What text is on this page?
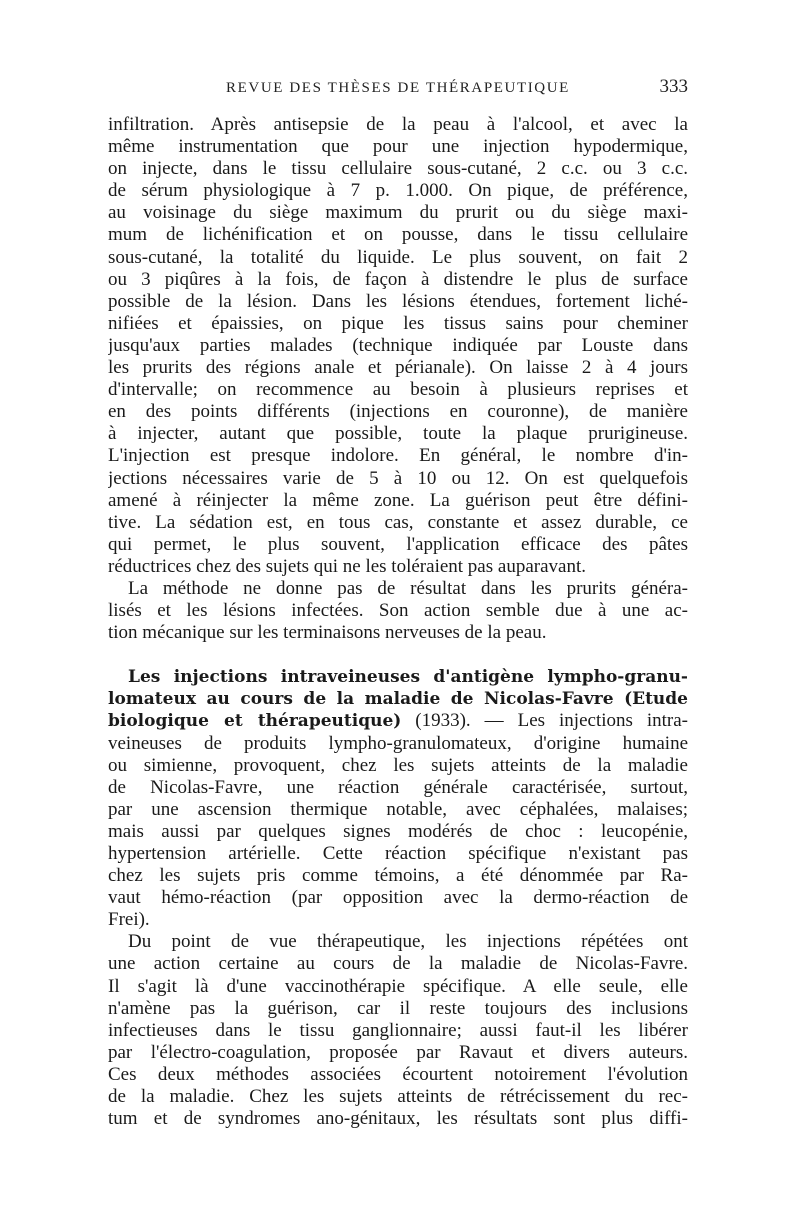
REVUE DES THÈSES DE THÉRAPEUTIQUE	333
infiltration. Après antisepsie de la peau à l'alcool, et avec la
même instrumentation que pour une injection hypodermique,
on injecte, dans le tissu cellulaire sous-cutané, 2 c.c. ou 3 c.c.
de sérum physiologique à 7 p. 1.000. On pique, de préférence,
au voisinage du siège maximum du prurit ou du siège maxi-
mum de lichénification et on pousse, dans le tissu cellulaire
sous-cutané, la totalité du liquide. Le plus souvent, on fait 2
ou 3 piqûres à la fois, de façon à distendre le plus de surface
possible de la lésion. Dans les lésions étendues, fortement liché-
nifiées et épaissies, on pique les tissus sains pour cheminer
jusqu'aux parties malades (technique indiquée par Louste dans
les prurits des régions anale et périanale). On laisse 2 à 4 jours
d'intervalle; on recommence au besoin à plusieurs reprises et
en des points différents (injections en couronne), de manière
à injecter, autant que possible, toute la plaque prurigineuse.
L'injection est presque indolore. En général, le nombre d'in-
jections nécessaires varie de 5 à 10 ou 12. On est quelquefois
amené à réinjecter la même zone. La guérison peut être défini-
tive. La sédation est, en tous cas, constante et assez durable, ce
qui permet, le plus souvent, l'application efficace des pâtes
réductrices chez des sujets qui ne les toléraient pas auparavant.
La méthode ne donne pas de résultat dans les prurits généra-
lisés et les lésions infectées. Son action semble due à une ac-
tion mécanique sur les terminaisons nerveuses de la peau.
Les injections intraveineuses d'antigène lympho-granu-
lomateux au cours de la maladie de Nicolas-Favre (Etude
biologique et thérapeutique) (1933). — Les injections intra-
veineuses de produits lympho-granulomateux, d'origine humaine
ou simienne, provoquent, chez les sujets atteints de la maladie
de Nicolas-Favre, une réaction générale caractérisée, surtout,
par une ascension thermique notable, avec céphalées, malaises;
mais aussi par quelques signes modérés de choc : leucopénie,
hypertension artérielle. Cette réaction spécifique n'existant pas
chez les sujets pris comme témoins, a été dénommée par Ra-
vaut hémo-réaction (par opposition avec la dermo-réaction de
Frei).
Du point de vue thérapeutique, les injections répétées ont
une action certaine au cours de la maladie de Nicolas-Favre.
Il s'agit là d'une vaccinothérapie spécifique. A elle seule, elle
n'amène pas la guérison, car il reste toujours des inclusions
infectieuses dans le tissu ganglionnaire; aussi faut-il les libérer
par l'électro-coagulation, proposée par Ravaut et divers auteurs.
Ces deux méthodes associées écourtent notoirement l'évolution
de la maladie. Chez les sujets atteints de rétrécissement du rec-
tum et de syndromes ano-génitaux, les résultats sont plus diffi-
